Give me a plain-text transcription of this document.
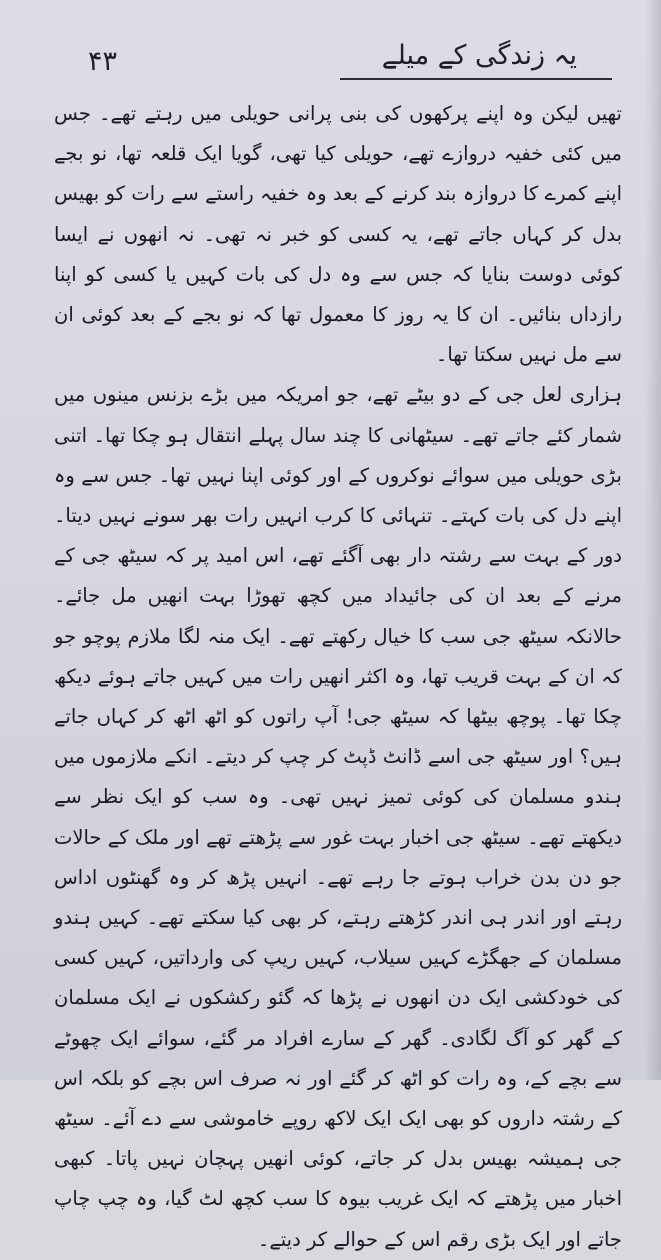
۴۳	یہ زندگی کے میلے

تھیں لیکن وہ اپنے پرکھوں کی بنی پرانی حویلی میں رہتے تھے۔ جس میں کئی خفیہ دروازے تھے، حویلی کیا تھی، گویا ایک قلعہ تھا، نو بجے اپنے کمرے کا دروازہ بند کرنے کے بعد وہ خفیہ راستے سے رات کو بھیس بدل کر کہاں جاتے تھے، یہ کسی کو خبر نہ تھی۔ نہ انھوں نے ایسا کوئی دوست بنایا کہ جس سے وہ دل کی بات کہیں یا کسی کو اپنا رازداں بنائیں۔ ان کا یہ روز کا معمول تھا کہ نو بجے کے بعد کوئی ان سے مل نہیں سکتا تھا۔

ہزاری لعل جی کے دو بیٹے تھے، جو امریکہ میں بڑے بزنس مینوں میں شمار کئے جاتے تھے۔ سیٹھانی کا چند سال پہلے انتقال ہو چکا تھا۔ اتنی بڑی حویلی میں سوائے نوکروں کے اور کوئی اپنا نہیں تھا۔ جس سے وہ اپنے دل کی بات کہتے۔ تنہائی کا کرب انہیں رات بھر سونے نہیں دیتا۔ دور کے بہت سے رشتہ دار بھی آگئے تھے، اس امید پر کہ سیٹھ جی کے مرنے کے بعد ان کی جائیداد میں کچھ تھوڑا بہت انھیں مل جائے۔ حالانکہ سیٹھ جی سب کا خیال رکھتے تھے۔ ایک منہ لگا ملازم پوچو جو کہ ان کے بہت قریب تھا، وہ اکثر انھیں رات میں کہیں جاتے ہوئے دیکھ چکا تھا۔ پوچھ بیٹھا کہ سیٹھ جی! آپ راتوں کو اٹھ اٹھ کر کہاں جاتے ہیں؟ اور سیٹھ جی اسے ڈانٹ ڈپٹ کر چپ کر دیتے۔ انکے ملازموں میں ہندو مسلمان کی کوئی تمیز نہیں تھی۔ وہ سب کو ایک نظر سے دیکھتے تھے۔ سیٹھ جی اخبار بہت غور سے پڑھتے تھے اور ملک کے حالات جو دن بدن خراب ہوتے جا رہے تھے۔ انہیں پڑھ کر وہ گھنٹوں اداس رہتے اور اندر ہی اندر کڑھتے رہتے، کر بھی کیا سکتے تھے۔ کہیں ہندو مسلمان کے جھگڑے کہیں سیلاب، کہیں ریپ کی وارداتیں، کہیں کسی کی خودکشی ایک دن انھوں نے پڑھا کہ گئو رکشکوں نے ایک مسلمان کے گھر کو آگ لگادی۔ گھر کے سارے افراد مر گئے، سوائے ایک چھوٹے سے بچے کے، وہ رات کو اٹھ کر گئے اور نہ صرف اس بچے کو بلکہ اس کے رشتہ داروں کو بھی ایک ایک لاکھ روپے خاموشی سے دے آئے۔ سیٹھ جی ہمیشہ بھیس بدل کر جاتے، کوئی انھیں پہچان نہیں پاتا۔ کبھی اخبار میں پڑھتے کہ ایک غریب بیوہ کا سب کچھ لٹ گیا، وہ چپ چاپ جاتے اور ایک بڑی رقم اس کے حوالے کر دیتے۔
